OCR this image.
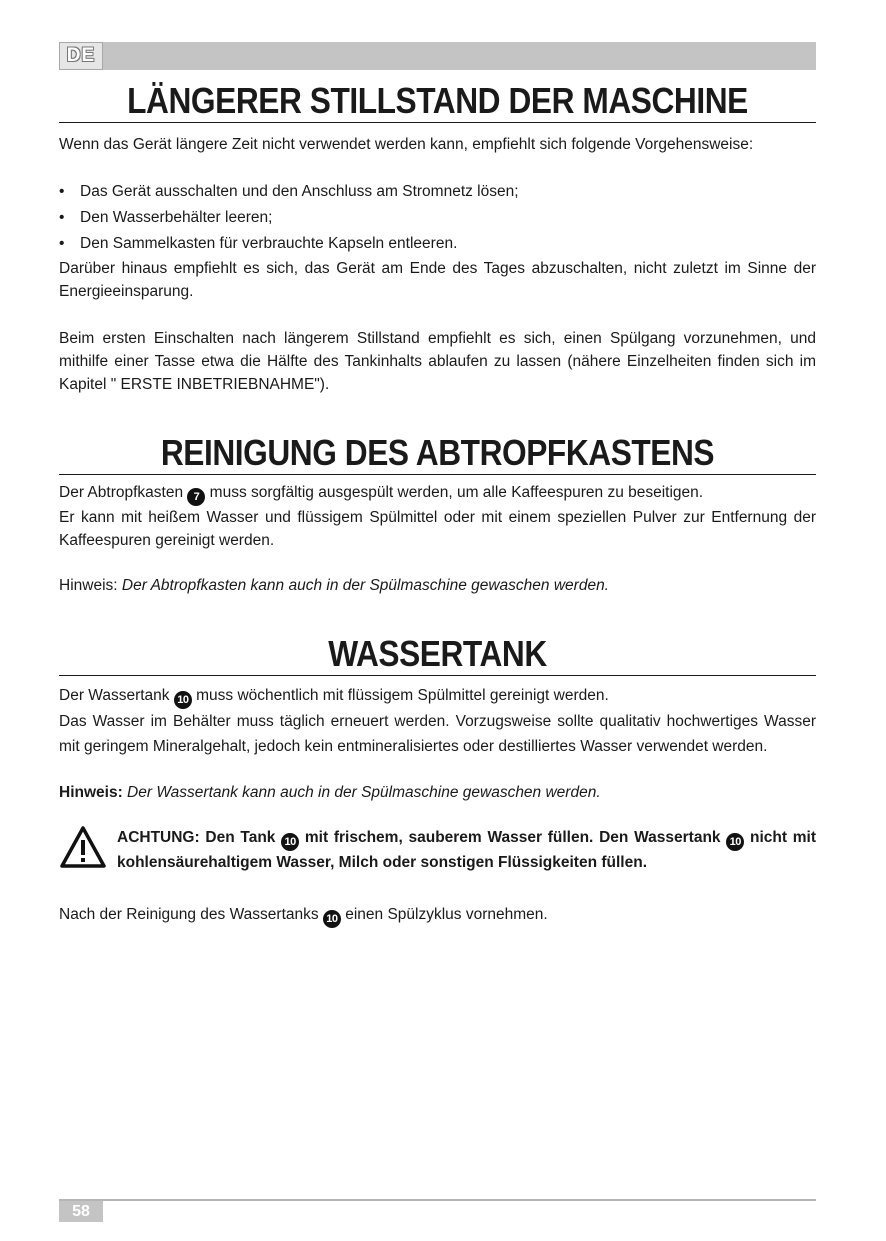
DE
LÄNGERER STILLSTAND DER MASCHINE

Wenn das Gerät längere Zeit nicht verwendet werden kann, empfiehlt sich folgende Vorgehensweise:

• Das Gerät ausschalten und den Anschluss am Stromnetz lösen;
• Den Wasserbehälter leeren;
• Den Sammelkasten für verbrauchte Kapseln entleeren.

Darüber hinaus empfiehlt es sich, das Gerät am Ende des Tages abzuschalten, nicht zuletzt im Sinne der Energieeinsparung.

Beim ersten Einschalten nach längerem Stillstand empfiehlt es sich, einen Spülgang vorzunehmen, und mithilfe einer Tasse etwa die Hälfte des Tankinhalts ablaufen zu lassen (nähere Einzelheiten finden sich im Kapitel " ERSTE INBETRIEBNAHME").

REINIGUNG DES ABTROPFKASTENS

Der Abtropfkasten 7 muss sorgfältig ausgespült werden, um alle Kaffeespuren zu beseitigen.

Er kann mit heißem Wasser und flüssigem Spülmittel oder mit einem speziellen Pulver zur Entfernung der Kaffeespuren gereinigt werden.

Hinweis: Der Abtropfkasten kann auch in der Spülmaschine gewaschen werden.

WASSERTANK

Der Wassertank 10 muss wöchentlich mit flüssigem Spülmittel gereinigt werden.

Das Wasser im Behälter muss täglich erneuert werden. Vorzugsweise sollte qualitativ hochwertiges Wasser mit geringem Mineralgehalt, jedoch kein entmineralisiertes oder destilliertes Wasser verwendet werden.

Hinweis: Der Wassertank kann auch in der Spülmaschine gewaschen werden.

ACHTUNG: Den Tank 10 mit frischem, sauberem Wasser füllen. Den Wassertank 10 nicht mit kohlensäurehaltigem Wasser, Milch oder sonstigen Flüssigkeiten füllen.

Nach der Reinigung des Wassertanks 10 einen Spülzyklus vornehmen.

58
